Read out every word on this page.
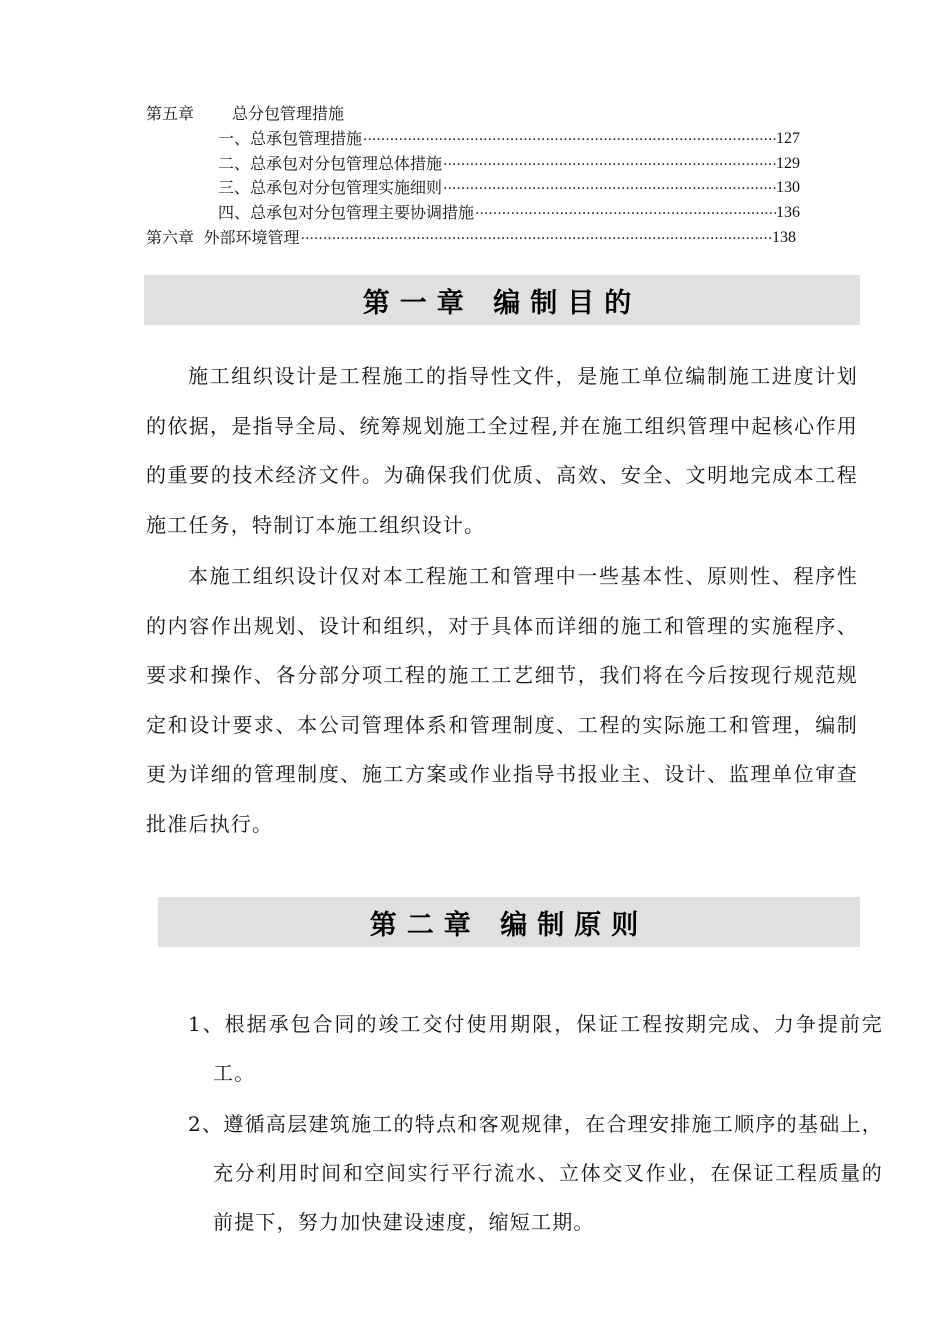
第五章	总分包管理措施
一、总承包管理措施 ·····	127
二、总承包对分包管理总体措施 ·····	129
三、总承包对分包管理实施细则 ·····	130
四、总承包对分包管理主要协调措施 ·····	136
第六章 外部环境管理 ·····	138
第一章 编制目的

施工组织设计是工程施工的指导性文件，是施工单位编制施工进度计划的依据，是指导全局、统筹规划施工全过程,并在施工组织管理中起核心作用的重要的技术经济文件。为确保我们优质、高效、安全、文明地完成本工程施工任务，特制订本施工组织设计。

本施工组织设计仅对本工程施工和管理中一些基本性、原则性、程序性的内容作出规划、设计和组织，对于具体而详细的施工和管理的实施程序、要求和操作、各分部分项工程的施工工艺细节，我们将在今后按现行规范规定和设计要求、本公司管理体系和管理制度、工程的实际施工和管理，编制更为详细的管理制度、施工方案或作业指导书报业主、设计、监理单位审查批准后执行。

第二章 编制原则

1、根据承包合同的竣工交付使用期限，保证工程按期完成、力争提前完工。

2、遵循高层建筑施工的特点和客观规律，在合理安排施工顺序的基础上，充分利用时间和空间实行平行流水、立体交叉作业，在保证工程质量的前提下，努力加快建设速度，缩短工期。
